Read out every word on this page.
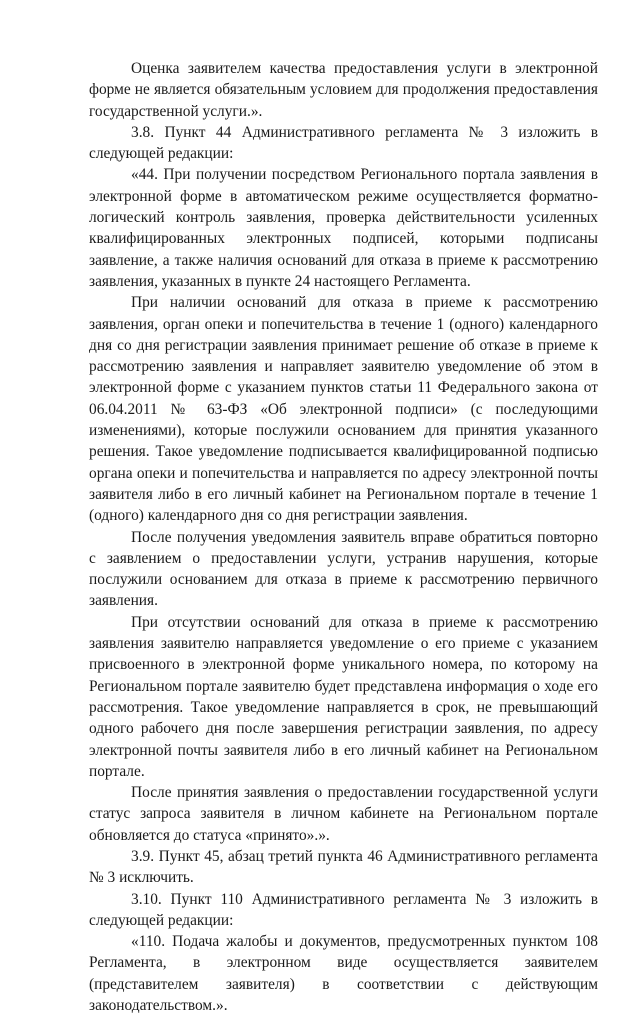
Оценка заявителем качества предоставления услуги в электронной форме не является обязательным условием для продолжения предоставления государственной услуги.».

3.8. Пункт 44 Административного регламента № 3 изложить в следующей редакции:

«44. При получении посредством Регионального портала заявления в электронной форме в автоматическом режиме осуществляется форматно-логический контроль заявления, проверка действительности усиленных квалифицированных электронных подписей, которыми подписаны заявление, а также наличия оснований для отказа в приеме к рассмотрению заявления, указанных в пункте 24 настоящего Регламента.

При наличии оснований для отказа в приеме к рассмотрению заявления, орган опеки и попечительства в течение 1 (одного) календарного дня со дня регистрации заявления принимает решение об отказе в приеме к рассмотрению заявления и направляет заявителю уведомление об этом в электронной форме с указанием пунктов статьи 11 Федерального закона от 06.04.2011 № 63-ФЗ «Об электронной подписи» (с последующими изменениями), которые послужили основанием для принятия указанного решения. Такое уведомление подписывается квалифицированной подписью органа опеки и попечительства и направляется по адресу электронной почты заявителя либо в его личный кабинет на Региональном портале в течение 1 (одного) календарного дня со дня регистрации заявления.

После получения уведомления заявитель вправе обратиться повторно с заявлением о предоставлении услуги, устранив нарушения, которые послужили основанием для отказа в приеме к рассмотрению первичного заявления.

При отсутствии оснований для отказа в приеме к рассмотрению заявления заявителю направляется уведомление о его приеме с указанием присвоенного в электронной форме уникального номера, по которому на Региональном портале заявителю будет представлена информация о ходе его рассмотрения. Такое уведомление направляется в срок, не превышающий одного рабочего дня после завершения регистрации заявления, по адресу электронной почты заявителя либо в его личный кабинет на Региональном портале.

После принятия заявления о предоставлении государственной услуги статус запроса заявителя в личном кабинете на Региональном портале обновляется до статуса «принято».».

3.9. Пункт 45, абзац третий пункта 46 Административного регламента № 3 исключить.

3.10. Пункт 110 Административного регламента № 3 изложить в следующей редакции:

«110. Подача жалобы и документов, предусмотренных пунктом 108 Регламента, в электронном виде осуществляется заявителем (представителем заявителя) в соответствии с действующим законодательством.».
